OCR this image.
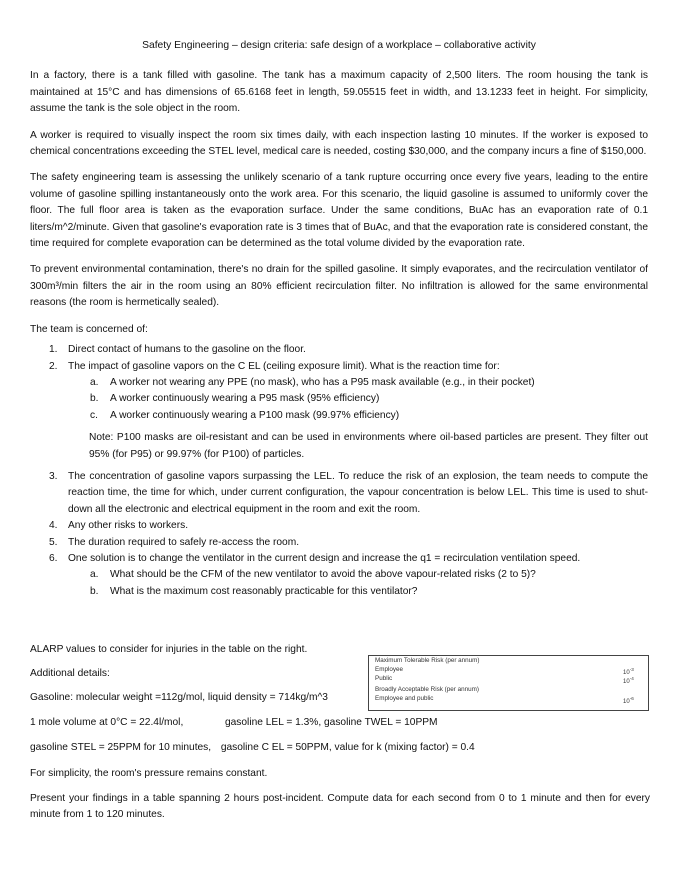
Safety Engineering – design criteria: safe design of a workplace – collaborative activity

In a factory, there is a tank filled with gasoline. The tank has a maximum capacity of 2,500 liters. The room housing the tank is maintained at 15°C and has dimensions of 65.6168 feet in length, 59.05515 feet in width, and 13.1233 feet in height. For simplicity, assume the tank is the sole object in the room.

A worker is required to visually inspect the room six times daily, with each inspection lasting 10 minutes. If the worker is exposed to chemical concentrations exceeding the STEL level, medical care is needed, costing $30,000, and the company incurs a fine of $150,000.

The safety engineering team is assessing the unlikely scenario of a tank rupture occurring once every five years, leading to the entire volume of gasoline spilling instantaneously onto the work area. For this scenario, the liquid gasoline is assumed to uniformly cover the floor. The full floor area is taken as the evaporation surface. Under the same conditions, BuAc has an evaporation rate of 0.1 liters/m^2/minute. Given that gasoline's evaporation rate is 3 times that of BuAc, and that the evaporation rate is considered constant, the time required for complete evaporation can be determined as the total volume divided by the evaporation rate.

To prevent environmental contamination, there's no drain for the spilled gasoline. It simply evaporates, and the recirculation ventilator of 300m³/min filters the air in the room using an 80% efficient recirculation filter. No infiltration is allowed for the same environmental reasons (the room is hermetically sealed).

The team is concerned of:

1. Direct contact of humans to the gasoline on the floor.
2. The impact of gasoline vapors on the C EL (ceiling exposure limit). What is the reaction time for:
a. A worker not wearing any PPE (no mask), who has a P95 mask available (e.g., in their pocket)
b. A worker continuously wearing a P95 mask (95% efficiency)
c. A worker continuously wearing a P100 mask (99.97% efficiency)
Note: P100 masks are oil-resistant and can be used in environments where oil-based particles are present. They filter out 95% (for P95) or 99.97% (for P100) of particles.
3. The concentration of gasoline vapors surpassing the LEL. To reduce the risk of an explosion, the team needs to compute the reaction time, the time for which, under current configuration, the vapour concentration is below LEL. This time is used to shut-down all the electronic and electrical equipment in the room and exit the room.
4. Any other risks to workers.
5. The duration required to safely re-access the room.
6. One solution is to change the ventilator in the current design and increase the q1 = recirculation ventilation speed.
a. What should be the CFM of the new ventilator to avoid the above vapour-related risks (2 to 5)?
b. What is the maximum cost reasonably practicable for this ventilator?
ALARP values to consider for injuries in the table on the right.
Additional details:
Gasoline: molecular weight =112g/mol, liquid density = 714kg/m^3
1 mole volume at 0°C = 22.4l/mol,	gasoline LEL = 1.3%, gasoline TWEL = 10PPM
gasoline STEL = 25PPM for 10 minutes, gasoline C EL = 50PPM, value for k (mixing factor) = 0.4
For simplicity, the room's pressure remains constant.
Present your findings in a table spanning 2 hours post-incident. Compute data for each second from 0 to 1 minute and then for every minute from 1 to 120 minutes.
Maximum Tolerable Risk (per annum)
Employee	$10^{-3}$
Public	$10^{-4}$
Broadly Acceptable Risk (per annum)
Employee and public	$10^{-6}$
